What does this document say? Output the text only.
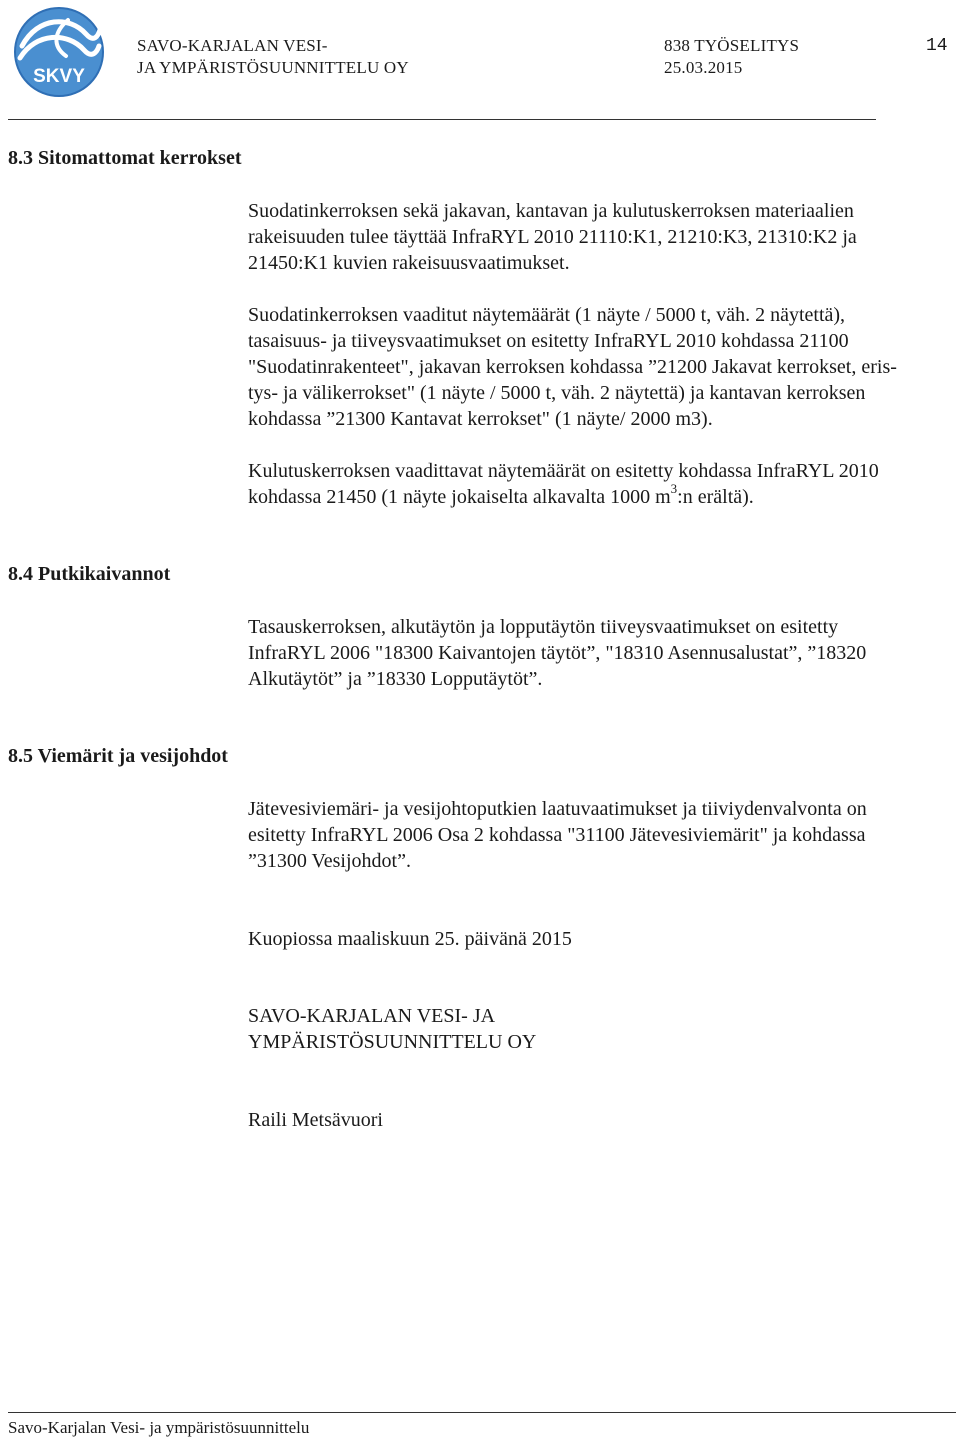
SKVY
SAVO-KARJALAN VESI-
JA YMPÄRISTÖSUUNNITTELU OY
838 TYÖSELITYS
25.03.2015
14
8.3 Sitomattomat kerrokset
Suodatinkerroksen sekä jakavan, kantavan ja kulutuskerroksen materiaalien
rakeisuuden tulee täyttää InfraRYL 2010 21110:K1, 21210:K3, 21310:K2 ja
21450:K1 kuvien rakeisuusvaatimukset.
Suodatinkerroksen vaaditut näytemäärät (1 näyte / 5000 t, väh. 2 näytettä),
tasaisuus- ja tiiveysvaatimukset on esitetty InfraRYL 2010 kohdassa 21100
"Suodatinrakenteet", jakavan kerroksen kohdassa ”21200 Jakavat kerrokset, eris-
tys- ja välikerrokset" (1 näyte / 5000 t, väh. 2 näytettä) ja kantavan kerroksen
kohdassa ”21300 Kantavat kerrokset" (1 näyte/ 2000 m3).
Kulutuskerroksen vaadittavat näytemäärät on esitetty kohdassa InfraRYL 2010
kohdassa 21450 (1 näyte jokaiselta alkavalta 1000 $m^3:n$ erältä).
8.4 Putkikaivannot
Tasauskerroksen, alkutäytön ja lopputäytön tiiveysvaatimukset on esitetty
InfraRYL 2006 "18300 Kaivantojen täytöt”, "18310 Asennusalustat”, ”18320
Alkutäytöt” ja ”18330 Lopputäytöt”.
8.5 Viemärit ja vesijohdot
Jätevesiviemäri- ja vesijohtoputkien laatuvaatimukset ja tiiviydenvalvonta on
esitetty InfraRYL 2006 Osa 2 kohdassa "31100 Jätevesiviemärit" ja kohdassa
”31300 Vesijohdot”.
Kuopiossa maaliskuun 25. päivänä 2015
SAVO-KARJALAN VESI- JA
YMPÄRISTÖSUUNNITTELU OY
Raili Metsävuori
Savo-Karjalan Vesi- ja ympäristösuunnittelu
